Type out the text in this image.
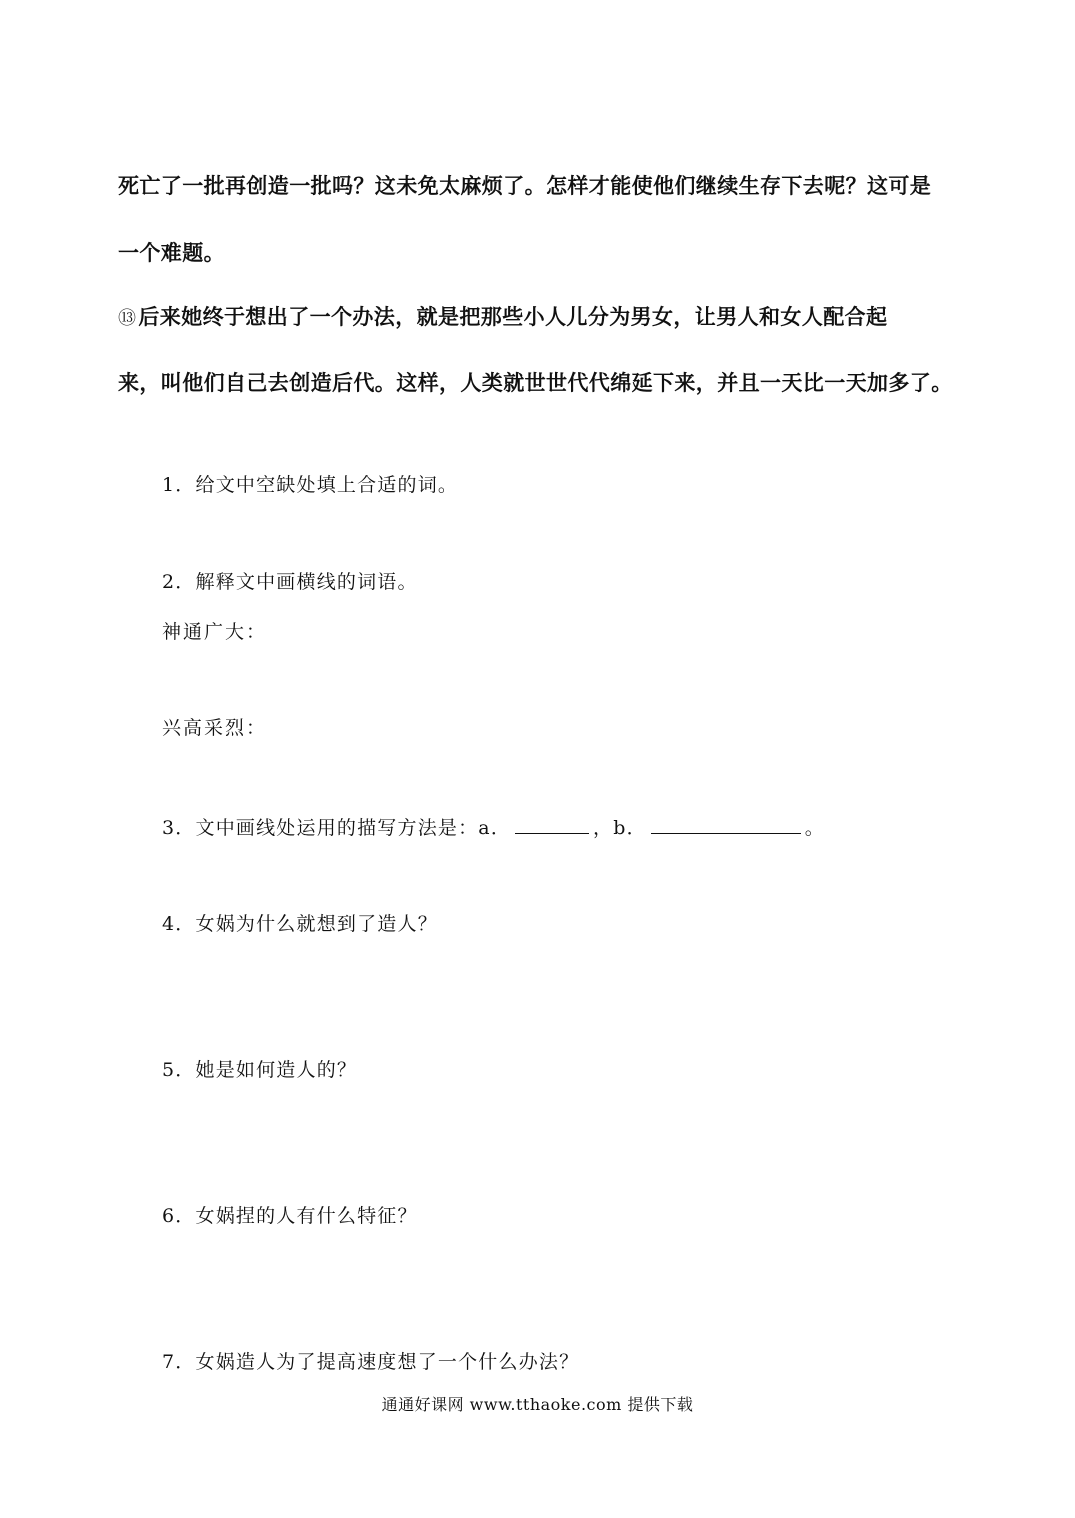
死亡了一批再创造一批吗？这未免太麻烦了。怎样才能使他们继续生存下去呢？这可是
一个难题。
⑬后来她终于想出了一个办法，就是把那些小人儿分为男女，让男人和女人配合起
来，叫他们自己去创造后代。这样，人类就世世代代绵延下来，并且一天比一天加多了。
1．给文中空缺处填上合适的词。
2．解释文中画横线的词语。
神通广大：
兴高采烈：
3．文中画线处运用的描写方法是：a．	，b．	。
4．女娲为什么就想到了造人？
5．她是如何造人的？
6．女娲捏的人有什么特征？
7．女娲造人为了提高速度想了一个什么办法？
通通好课网 www.tthaoke.com 提供下载
